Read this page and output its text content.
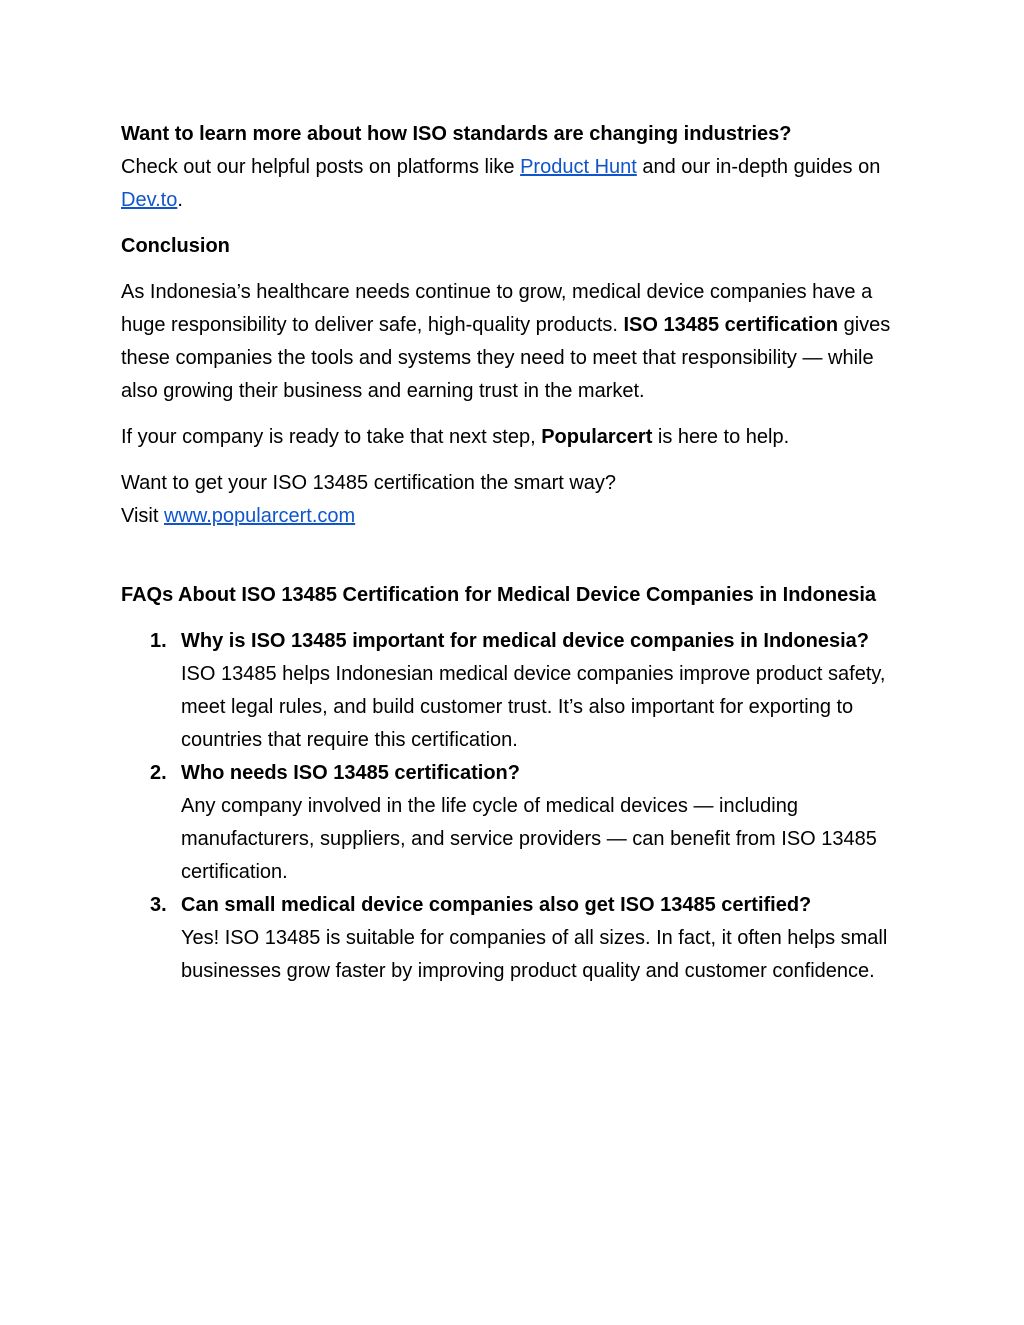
Want to learn more about how ISO standards are changing industries?

Check out our helpful posts on platforms like Product Hunt and our in-depth guides on Dev.to.

Conclusion

As Indonesia’s healthcare needs continue to grow, medical device companies have a huge responsibility to deliver safe, high-quality products. ISO 13485 certification gives these companies the tools and systems they need to meet that responsibility — while also growing their business and earning trust in the market.

If your company is ready to take that next step, Popularcert is here to help.

Want to get your ISO 13485 certification the smart way?

Visit www.popularcert.com

FAQs About ISO 13485 Certification for Medical Device Companies in Indonesia

1. Why is ISO 13485 important for medical device companies in Indonesia?

ISO 13485 helps Indonesian medical device companies improve product safety, meet legal rules, and build customer trust. It’s also important for exporting to countries that require this certification.

2. Who needs ISO 13485 certification?

Any company involved in the life cycle of medical devices — including manufacturers, suppliers, and service providers — can benefit from ISO 13485 certification.

3. Can small medical device companies also get ISO 13485 certified?

Yes! ISO 13485 is suitable for companies of all sizes. In fact, it often helps small businesses grow faster by improving product quality and customer confidence.
